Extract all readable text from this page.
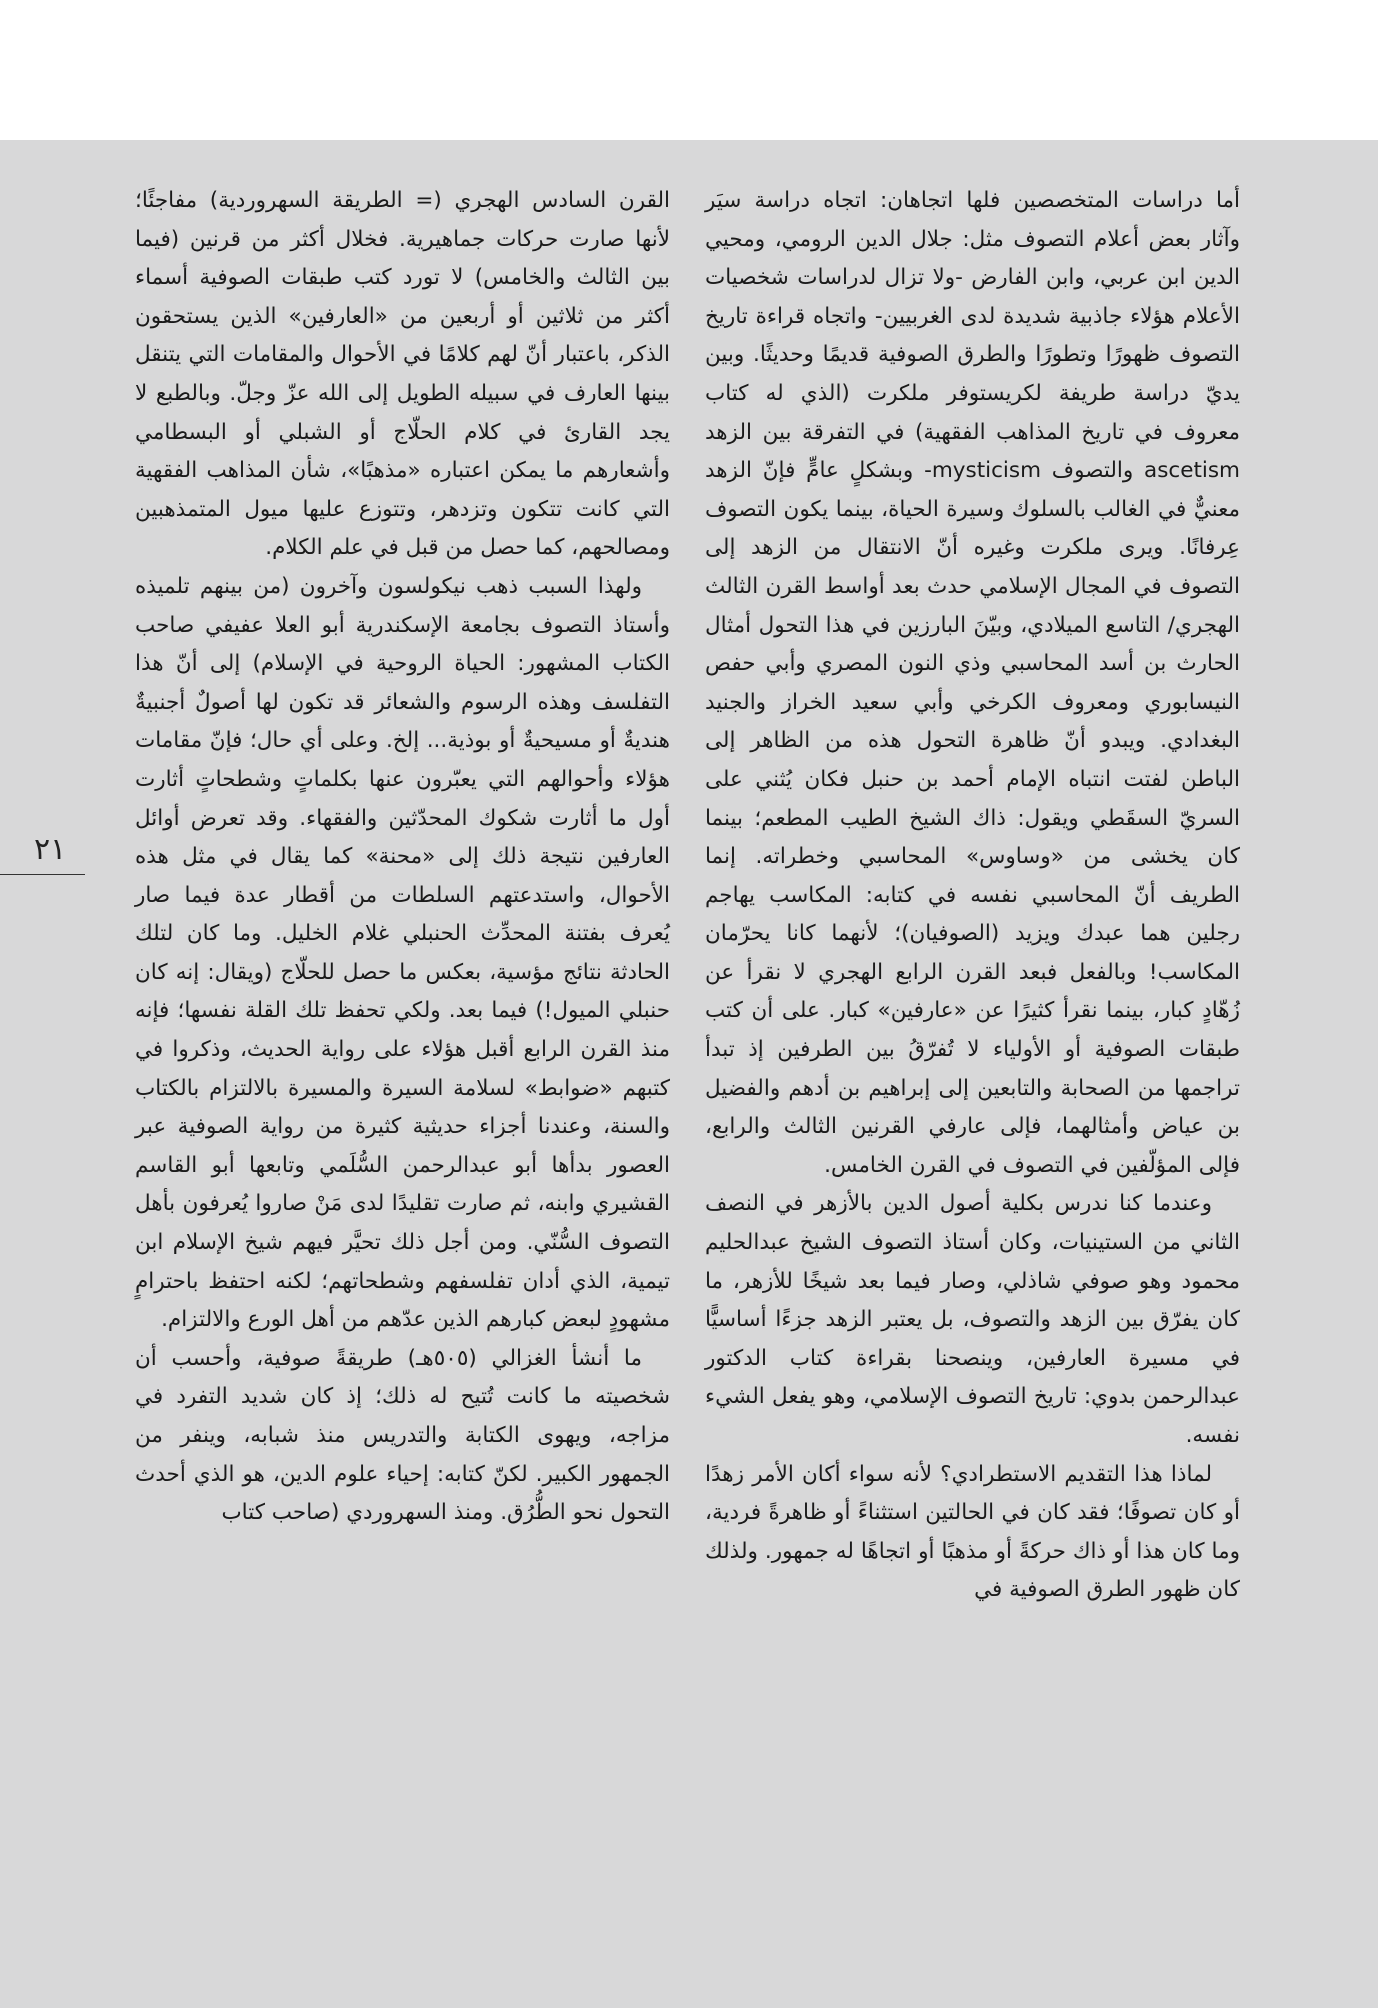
أما دراسات المتخصصين فلها اتجاهان: اتجاه دراسة سيَر وآثار بعض أعلام التصوف مثل: جلال الدين الرومي، ومحيي الدين ابن عربي، وابن الفارض -ولا تزال لدراسات شخصيات الأعلام هؤلاء جاذبية شديدة لدى الغربيين- واتجاه قراءة تاريخ التصوف ظهورًا وتطورًا والطرق الصوفية قديمًا وحديثًا. وبين يديّ دراسة طريفة لكريستوفر ملكرت (الذي له كتاب معروف في تاريخ المذاهب الفقهية) في التفرقة بين الزهد ascetism والتصوف mysticism- وبشكلٍ عامٍّ فإنّ الزهد معنيٌّ في الغالب بالسلوك وسيرة الحياة، بينما يكون التصوف عِرفانًا. ويرى ملكرت وغيره أنّ الانتقال من الزهد إلى التصوف في المجال الإسلامي حدث بعد أواسط القرن الثالث الهجري/ التاسع الميلادي، وبيّنَ البارزين في هذا التحول أمثال الحارث بن أسد المحاسبي وذي النون المصري وأبي حفص النيسابوري ومعروف الكرخي وأبي سعيد الخراز والجنيد البغدادي. ويبدو أنّ ظاهرة التحول هذه من الظاهر إلى الباطن لفتت انتباه الإمام أحمد بن حنبل فكان يُثني على السريّ السقَطي ويقول: ذاك الشيخ الطيب المطعم؛ بينما كان يخشى من «وساوس» المحاسبي وخطراته. إنما الطريف أنّ المحاسبي نفسه في كتابه: المكاسب يهاجم رجلين هما عبدك ويزيد (الصوفيان)؛ لأنهما كانا يحرّمان المكاسب! وبالفعل فبعد القرن الرابع الهجري لا نقرأ عن زُهّادٍ كبار، بينما نقرأ كثيرًا عن «عارفين» كبار. على أن كتب طبقات الصوفية أو الأولياء لا تُفرّقُ بين الطرفين إذ تبدأ تراجمها من الصحابة والتابعين إلى إبراهيم بن أدهم والفضيل بن عياض وأمثالهما، فإلى عارفي القرنين الثالث والرابع، فإلى المؤلّفين في التصوف في القرن الخامس.

وعندما كنا ندرس بكلية أصول الدين بالأزهر في النصف الثاني من الستينيات، وكان أستاذ التصوف الشيخ عبدالحليم محمود وهو صوفي شاذلي، وصار فيما بعد شيخًا للأزهر، ما كان يفرّق بين الزهد والتصوف، بل يعتبر الزهد جزءًا أساسيًّا في مسيرة العارفين، وينصحنا بقراءة كتاب الدكتور عبدالرحمن بدوي: تاريخ التصوف الإسلامي، وهو يفعل الشيء نفسه.

لماذا هذا التقديم الاستطرادي؟ لأنه سواء أكان الأمر زهدًا أو كان تصوفًا؛ فقد كان في الحالتين استثناءً أو ظاهرةً فردية، وما كان هذا أو ذاك حركةً أو مذهبًا أو اتجاهًا له جمهور. ولذلك كان ظهور الطرق الصوفية في

القرن السادس الهجري (= الطريقة السهروردية) مفاجئًا؛ لأنها صارت حركات جماهيرية. فخلال أكثر من قرنين (فيما بين الثالث والخامس) لا تورد كتب طبقات الصوفية أسماء أكثر من ثلاثين أو أربعين من «العارفين» الذين يستحقون الذكر، باعتبار أنّ لهم كلامًا في الأحوال والمقامات التي يتنقل بينها العارف في سبيله الطويل إلى الله عزّ وجلّ. وبالطبع لا يجد القارئ في كلام الحلّاج أو الشبلي أو البسطامي وأشعارهم ما يمكن اعتباره «مذهبًا»، شأن المذاهب الفقهية التي كانت تتكون وتزدهر، وتتوزع عليها ميول المتمذهبين ومصالحهم، كما حصل من قبل في علم الكلام.

ولهذا السبب ذهب نيكولسون وآخرون (من بينهم تلميذه وأستاذ التصوف بجامعة الإسكندرية أبو العلا عفيفي صاحب الكتاب المشهور: الحياة الروحية في الإسلام) إلى أنّ هذا التفلسف وهذه الرسوم والشعائر قد تكون لها أصولٌ أجنبيةٌ هنديةٌ أو مسيحيةٌ أو بوذية... إلخ. وعلى أي حال؛ فإنّ مقامات هؤلاء وأحوالهم التي يعبّرون عنها بكلماتٍ وشطحاتٍ أثارت أول ما أثارت شكوك المحدّثين والفقهاء. وقد تعرض أوائل العارفين نتيجة ذلك إلى «محنة» كما يقال في مثل هذه الأحوال، واستدعتهم السلطات من أقطار عدة فيما صار يُعرف بفتنة المحدِّث الحنبلي غلام الخليل. وما كان لتلك الحادثة نتائج مؤسية، بعكس ما حصل للحلّاج (ويقال: إنه كان حنبلي الميول!) فيما بعد. ولكي تحفظ تلك القلة نفسها؛ فإنه منذ القرن الرابع أقبل هؤلاء على رواية الحديث، وذكروا في كتبهم «ضوابط» لسلامة السيرة والمسيرة بالالتزام بالكتاب والسنة، وعندنا أجزاء حديثية كثيرة من رواية الصوفية عبر العصور بدأها أبو عبدالرحمن السُّلَمي وتابعها أبو القاسم القشيري وابنه، ثم صارت تقليدًا لدى مَنْ صاروا يُعرفون بأهل التصوف السُّنّي. ومن أجل ذلك تحيَّر فيهم شيخ الإسلام ابن تيمية، الذي أدان تفلسفهم وشطحاتهم؛ لكنه احتفظ باحترامٍ مشهودٍ لبعض كبارهم الذين عدّهم من أهل الورع والالتزام.

ما أنشأ الغزالي (٥٠٥هـ) طريقةً صوفية، وأحسب أن شخصيته ما كانت تُتيح له ذلك؛ إذ كان شديد التفرد في مزاجه، ويهوى الكتابة والتدريس منذ شبابه، وينفر من الجمهور الكبير. لكنّ كتابه: إحياء علوم الدين، هو الذي أحدث التحول نحو الطُّرُق. ومنذ السهروردي (صاحب كتاب

٢١
